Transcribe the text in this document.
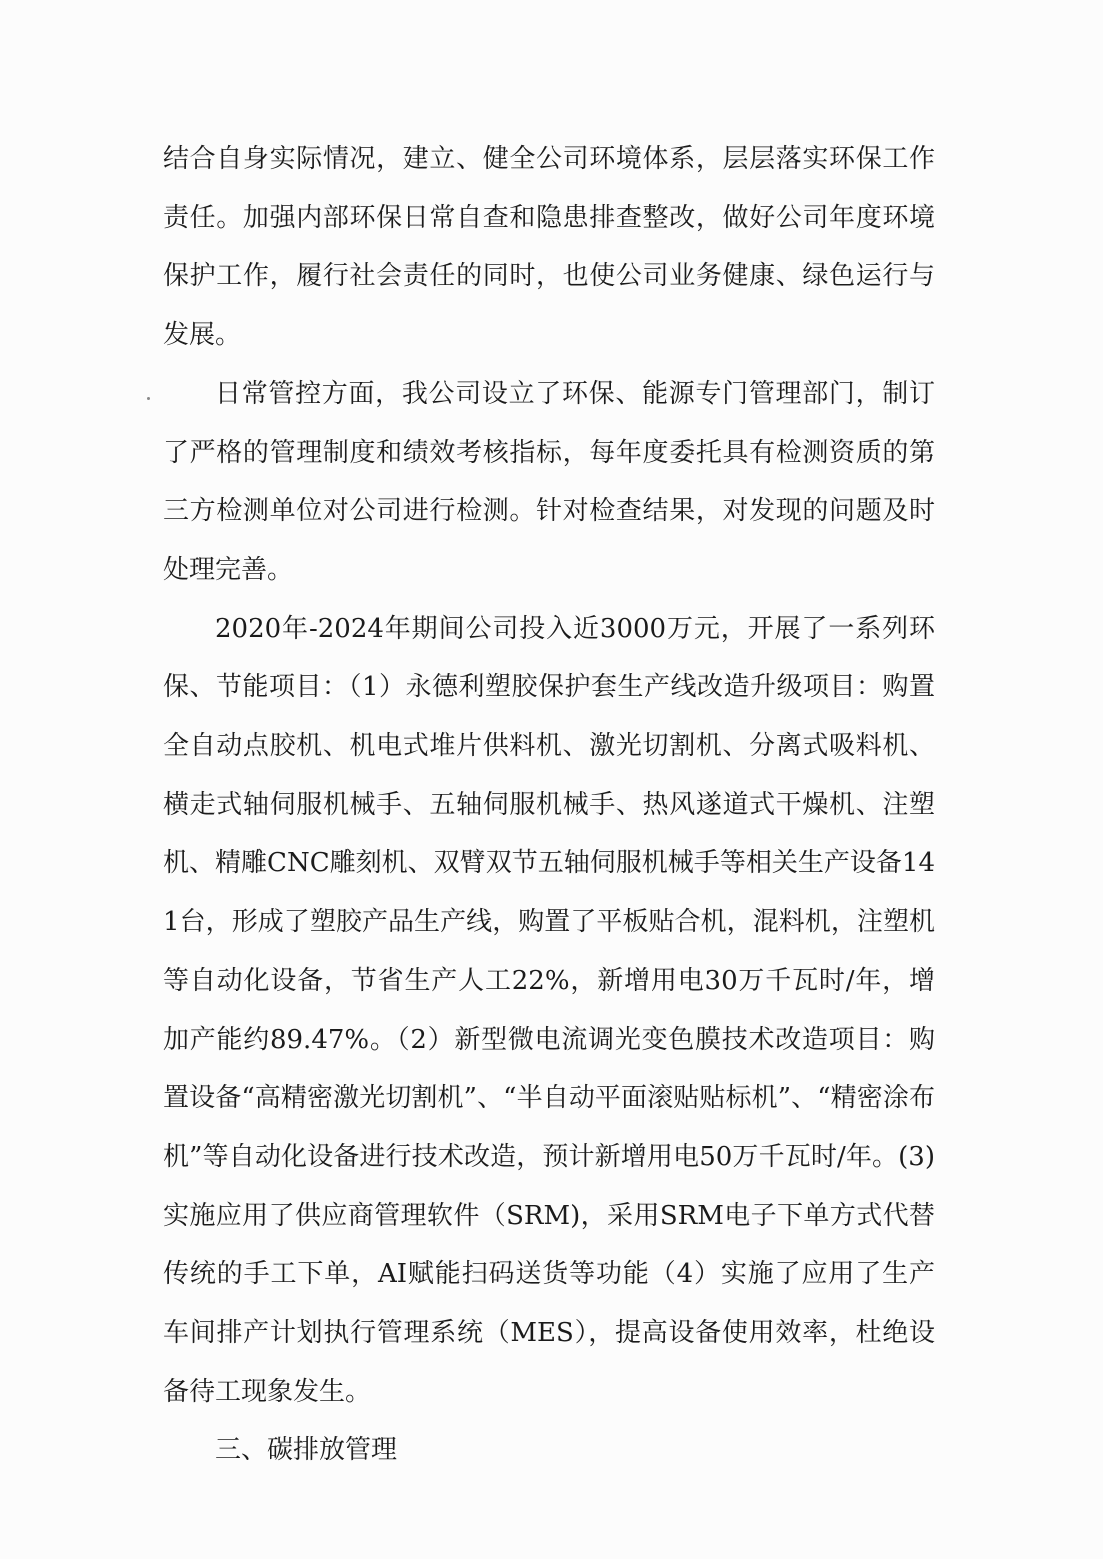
结合自身实际情况，建立、健全公司环境体系，层层落实环保工作责任。加强内部环保日常自查和隐患排查整改，做好公司年度环境保护工作，履行社会责任的同时，也使公司业务健康、绿色运行与发展。

日常管控方面，我公司设立了环保、能源专门管理部门，制订了严格的管理制度和绩效考核指标，每年度委托具有检测资质的第三方检测单位对公司进行检测。针对检查结果，对发现的问题及时处理完善。

2020年-2024年期间公司投入近3000万元，开展了一系列环保、节能项目：（1）永德利塑胶保护套生产线改造升级项目：购置全自动点胶机、机电式堆片供料机、激光切割机、分离式吸料机、横走式轴伺服机械手、五轴伺服机械手、热风遂道式干燥机、注塑机、精雕CNC雕刻机、双臂双节五轴伺服机械手等相关生产设备141台，形成了塑胶产品生产线，购置了平板贴合机，混料机，注塑机等自动化设备，节省生产人工22%，新增用电30万千瓦时/年，增加产能约89.47%。（2）新型微电流调光变色膜技术改造项目：购置设备“高精密激光切割机”、“半自动平面滚贴贴标机”、“精密涂布机”等自动化设备进行技术改造，预计新增用电50万千瓦时/年。(3)实施应用了供应商管理软件（SRM)，采用SRM电子下单方式代替传统的手工下单，AI赋能扫码送货等功能（4）实施了应用了生产车间排产计划执行管理系统（MES），提高设备使用效率，杜绝设备待工现象发生。

三、碳排放管理
